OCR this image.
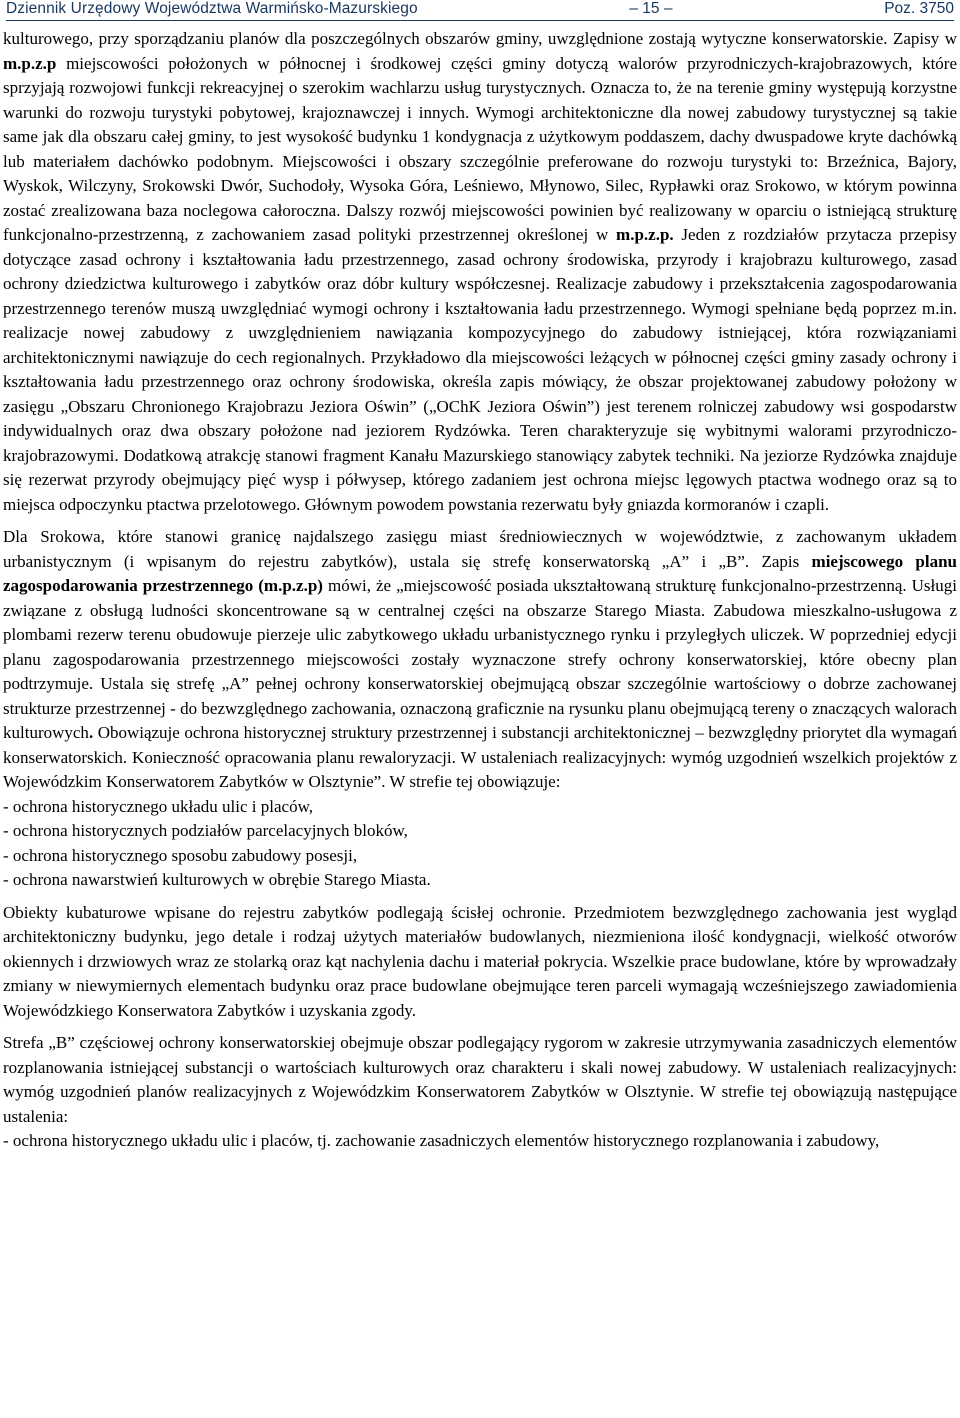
Dziennik Urzędowy Województwa Warmińsko-Mazurskiego	– 15 –	Poz. 3750

kulturowego, przy sporządzaniu planów dla poszczególnych obszarów gminy, uwzględnione zostają wytyczne konserwatorskie. Zapisy w m.p.z.p miejscowości położonych w północnej i środkowej części gminy dotyczą walorów przyrodniczych-krajobrazowych, które sprzyjają rozwojowi funkcji rekreacyjnej o szerokim wachlarzu usług turystycznych. Oznacza to, że na terenie gminy występują korzystne warunki do rozwoju turystyki pobytowej, krajoznawczej i innych. Wymogi architektoniczne dla nowej zabudowy turystycznej są takie same jak dla obszaru całej gminy, to jest wysokość budynku 1 kondygnacja z użytkowym poddaszem, dachy dwuspadowe kryte dachówką lub materiałem dachówko podobnym. Miejscowości i obszary szczególnie preferowane do rozwoju turystyki to: Brzeźnica, Bajory, Wyskok, Wilczyny, Srokowski Dwór, Suchodoły, Wysoka Góra, Leśniewo, Młynowo, Silec, Rypławki oraz Srokowo, w którym powinna zostać zrealizowana baza noclegowa całoroczna. Dalszy rozwój miejscowości powinien być realizowany w oparciu o istniejącą strukturę funkcjonalno-przestrzenną, z zachowaniem zasad polityki przestrzennej określonej w m.p.z.p. Jeden z rozdziałów przytacza przepisy dotyczące zasad ochrony i kształtowania ładu przestrzennego, zasad ochrony środowiska, przyrody i krajobrazu kulturowego, zasad ochrony dziedzictwa kulturowego i zabytków oraz dóbr kultury współczesnej. Realizacje zabudowy i przekształcenia zagospodarowania przestrzennego terenów muszą uwzględniać wymogi ochrony i kształtowania ładu przestrzennego. Wymogi spełniane będą poprzez m.in. realizacje nowej zabudowy z uwzględnieniem nawiązania kompozycyjnego do zabudowy istniejącej, która rozwiązaniami architektonicznymi nawiązuje do cech regionalnych. Przykładowo dla miejscowości leżących w północnej części gminy zasady ochrony i kształtowania ładu przestrzennego oraz ochrony środowiska, określa zapis mówiący, że obszar projektowanej zabudowy położony w zasięgu „Obszaru Chronionego Krajobrazu Jeziora Oświn” („OChK Jeziora Oświn”) jest terenem rolniczej zabudowy wsi gospodarstw indywidualnych oraz dwa obszary położone nad jeziorem Rydzówka. Teren charakteryzuje się wybitnymi walorami przyrodniczo-krajobrazowymi. Dodatkową atrakcję stanowi fragment Kanału Mazurskiego stanowiący zabytek techniki. Na jeziorze Rydzówka znajduje się rezerwat przyrody obejmujący pięć wysp i półwysep, którego zadaniem jest ochrona miejsc lęgowych ptactwa wodnego oraz są to miejsca odpoczynku ptactwa przelotowego. Głównym powodem powstania rezerwatu były gniazda kormoranów i czapli.

Dla Srokowa, które stanowi granicę najdalszego zasięgu miast średniowiecznych w województwie, z zachowanym układem urbanistycznym (i wpisanym do rejestru zabytków), ustala się strefę konserwatorską „A” i „B”. Zapis miejscowego planu zagospodarowania przestrzennego (m.p.z.p) mówi, że „miejscowość posiada ukształtowaną strukturę funkcjonalno-przestrzenną. Usługi związane z obsługą ludności skoncentrowane są w centralnej części na obszarze Starego Miasta. Zabudowa mieszkalno-usługowa z plombami rezerw terenu obudowuje pierzeje ulic zabytkowego układu urbanistycznego rynku i przyległych uliczek. W poprzedniej edycji planu zagospodarowania przestrzennego miejscowości zostały wyznaczone strefy ochrony konserwatorskiej, które obecny plan podtrzymuje. Ustala się strefę „A” pełnej ochrony konserwatorskiej obejmującą obszar szczególnie wartościowy o dobrze zachowanej strukturze przestrzennej - do bezwzględnego zachowania, oznaczoną graficznie na rysunku planu obejmującą tereny o znaczących walorach kulturowych. Obowiązuje ochrona historycznej struktury przestrzennej i substancji architektonicznej – bezwzględny priorytet dla wymagań konserwatorskich. Konieczność opracowania planu rewaloryzacji. W ustaleniach realizacyjnych: wymóg uzgodnień wszelkich projektów z Wojewódzkim Konserwatorem Zabytków w Olsztynie”. W strefie tej obowiązuje:

- ochrona historycznego układu ulic i placów,
- ochrona historycznych podziałów parcelacyjnych bloków,
- ochrona historycznego sposobu zabudowy posesji,
- ochrona nawarstwień kulturowych w obrębie Starego Miasta.

Obiekty kubaturowe wpisane do rejestru zabytków podlegają ścisłej ochronie. Przedmiotem bezwzględnego zachowania jest wygląd architektoniczny budynku, jego detale i rodzaj użytych materiałów budowlanych, niezmieniona ilość kondygnacji, wielkość otworów okiennych i drzwiowych wraz ze stolarką oraz kąt nachylenia dachu i materiał pokrycia. Wszelkie prace budowlane, które by wprowadzały zmiany w niewymiernych elementach budynku oraz prace budowlane obejmujące teren parceli wymagają wcześniejszego zawiadomienia Wojewódzkiego Konserwatora Zabytków i uzyskania zgody.

Strefa „B” częściowej ochrony konserwatorskiej obejmuje obszar podlegający rygorom w zakresie utrzymywania zasadniczych elementów rozplanowania istniejącej substancji o wartościach kulturowych oraz charakteru i skali nowej zabudowy. W ustaleniach realizacyjnych: wymóg uzgodnień planów realizacyjnych z Wojewódzkim Konserwatorem Zabytków w Olsztynie. W strefie tej obowiązują następujące ustalenia:
- ochrona historycznego układu ulic i placów, tj. zachowanie zasadniczych elementów historycznego rozplanowania i zabudowy,
